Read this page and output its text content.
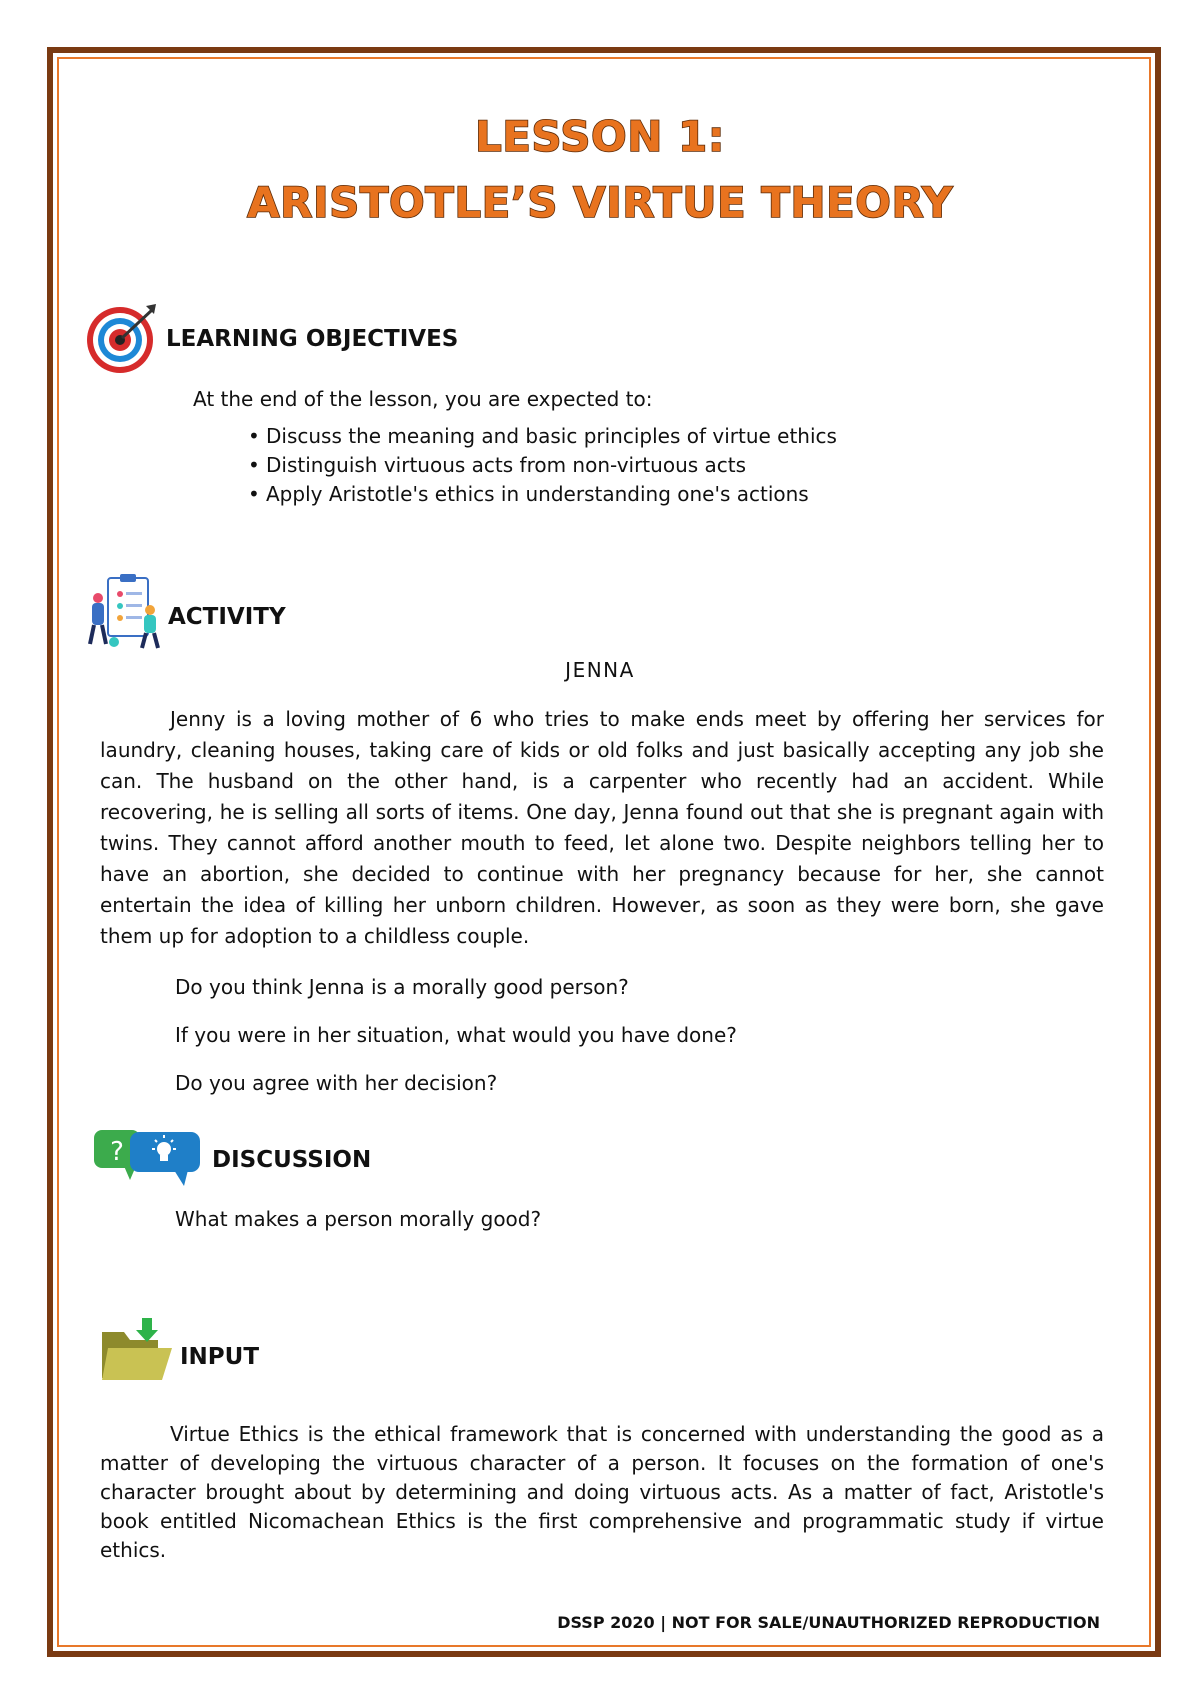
LESSON 1:
ARISTOTLE’S VIRTUE THEORY
LEARNING OBJECTIVES
At the end of the lesson, you are expected to:
• Discuss the meaning and basic principles of virtue ethics
• Distinguish virtuous acts from non-virtuous acts
• Apply Aristotle's ethics in understanding one's actions
ACTIVITY
JENNA

Jenny is a loving mother of 6 who tries to make ends meet by offering her services for laundry, cleaning houses, taking care of kids or old folks and just basically accepting any job she can. The husband on the other hand, is a carpenter who recently had an accident. While recovering, he is selling all sorts of items. One day, Jenna found out that she is pregnant again with twins. They cannot afford another mouth to feed, let alone two. Despite neighbors telling her to have an abortion, she decided to continue with her pregnancy because for her, she cannot entertain the idea of killing her unborn children. However, as soon as they were born, she gave them up for adoption to a childless couple.

Do you think Jenna is a morally good person?
If you were in her situation, what would you have done?
Do you agree with her decision?
?	DISCUSSION
What makes a person morally good?
INPUT

Virtue Ethics is the ethical framework that is concerned with understanding the good as a matter of developing the virtuous character of a person. It focuses on the formation of one's character brought about by determining and doing virtuous acts. As a matter of fact, Aristotle's book entitled Nicomachean Ethics is the first comprehensive and programmatic study if virtue ethics.

DSSP 2020 | NOT FOR SALE/UNAUTHORIZED REPRODUCTION
